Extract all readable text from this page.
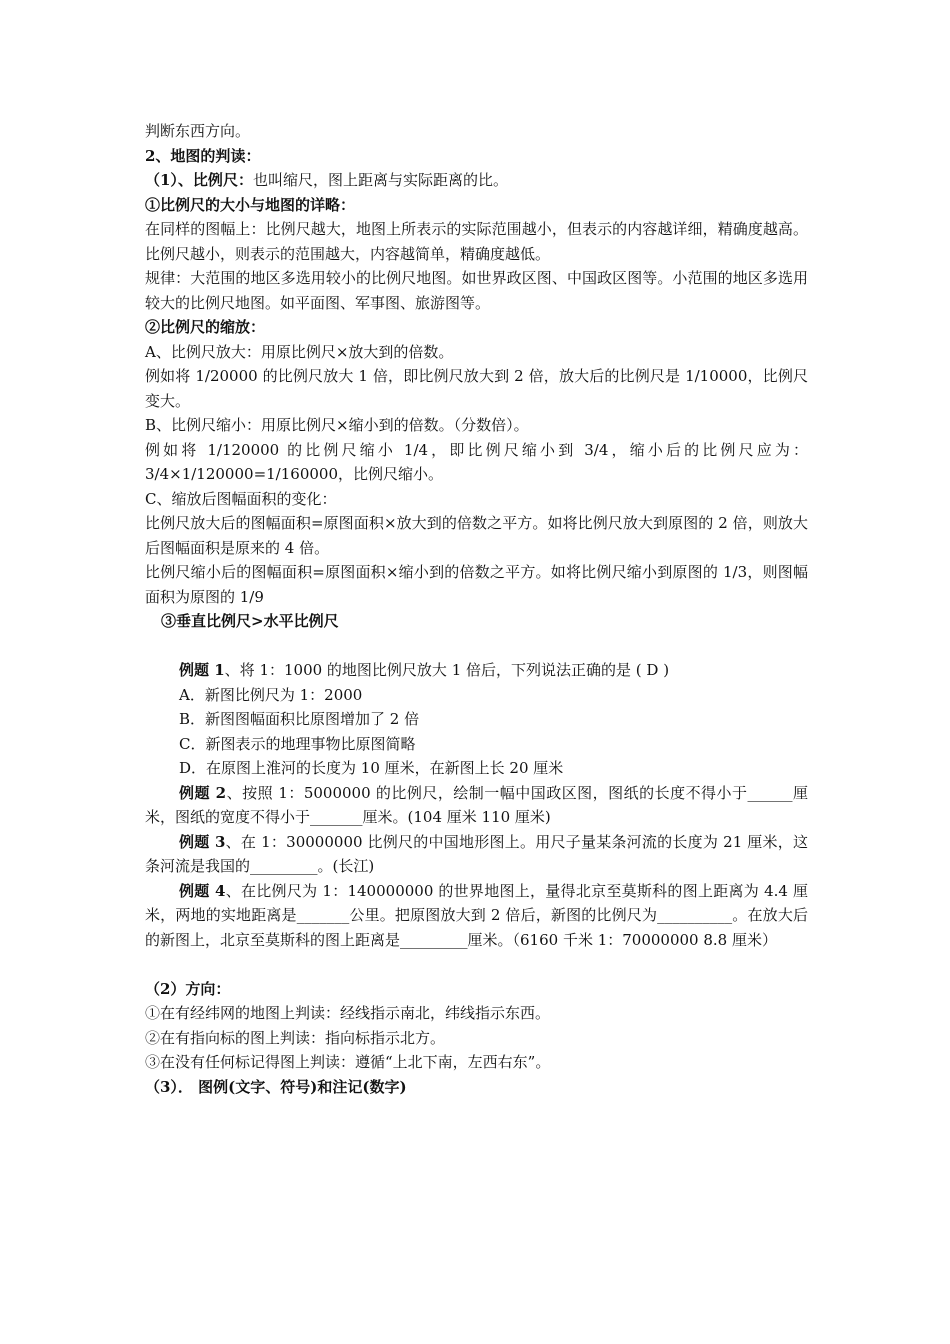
判断东西方向。

2、地图的判读：

（1）、比例尺：也叫缩尺，图上距离与实际距离的比。

①比例尺的大小与地图的详略：

在同样的图幅上：比例尺越大，地图上所表示的实际范围越小，但表示的内容越详细，精确度越高。比例尺越小，则表示的范围越大，内容越简单，精确度越低。

规律：大范围的地区多选用较小的比例尺地图。如世界政区图、中国政区图等。小范围的地区多选用较大的比例尺地图。如平面图、军事图、旅游图等。

②比例尺的缩放：

A、比例尺放大：用原比例尺×放大到的倍数。

例如将 1/20000 的比例尺放大 1 倍，即比例尺放大到 2 倍，放大后的比例尺是 1/10000，比例尺变大。

B、比例尺缩小：用原比例尺×缩小到的倍数。（分数倍）。

例如将 1/120000 的比例尺缩小 1/4，即比例尺缩小到 3/4，缩小后的比例尺应为：3/4×1/120000=1/160000，比例尺缩小。

C、缩放后图幅面积的变化：

比例尺放大后的图幅面积=原图面积×放大到的倍数之平方。如将比例尺放大到原图的 2 倍，则放大后图幅面积是原来的 4 倍。

比例尺缩小后的图幅面积=原图面积×缩小到的倍数之平方。如将比例尺缩小到原图的 1/3，则图幅面积为原图的 1/9

③垂直比例尺>水平比例尺

例题 1、将 1：1000 的地图比例尺放大 1 倍后，下列说法正确的是 ( D )

A．新图比例尺为 1：2000

B．新图图幅面积比原图增加了 2 倍

C．新图表示的地理事物比原图简略

D．在原图上淮河的长度为 10 厘米，在新图上长 20 厘米

例题 2、按照 1：5000000 的比例尺，绘制一幅中国政区图，图纸的长度不得小于______厘米，图纸的宽度不得小于_______厘米。(104 厘米 110 厘米)

例题 3、在 1：30000000 比例尺的中国地形图上。用尺子量某条河流的长度为 21 厘米，这条河流是我国的_________。(长江)

例题 4、在比例尺为 1：140000000 的世界地图上，量得北京至莫斯科的图上距离为 4.4 厘米，两地的实地距离是_______公里。把原图放大到 2 倍后，新图的比例尺为__________。在放大后的新图上，北京至莫斯科的图上距离是_________厘米。（6160 千米 1：70000000 8.8 厘米）

（2）方向：

①在有经纬网的地图上判读：经线指示南北，纬线指示东西。

②在有指向标的图上判读：指向标指示北方。

③在没有任何标记得图上判读：遵循“上北下南，左西右东”。

（3）． 图例(文字、符号)和注记(数字)
